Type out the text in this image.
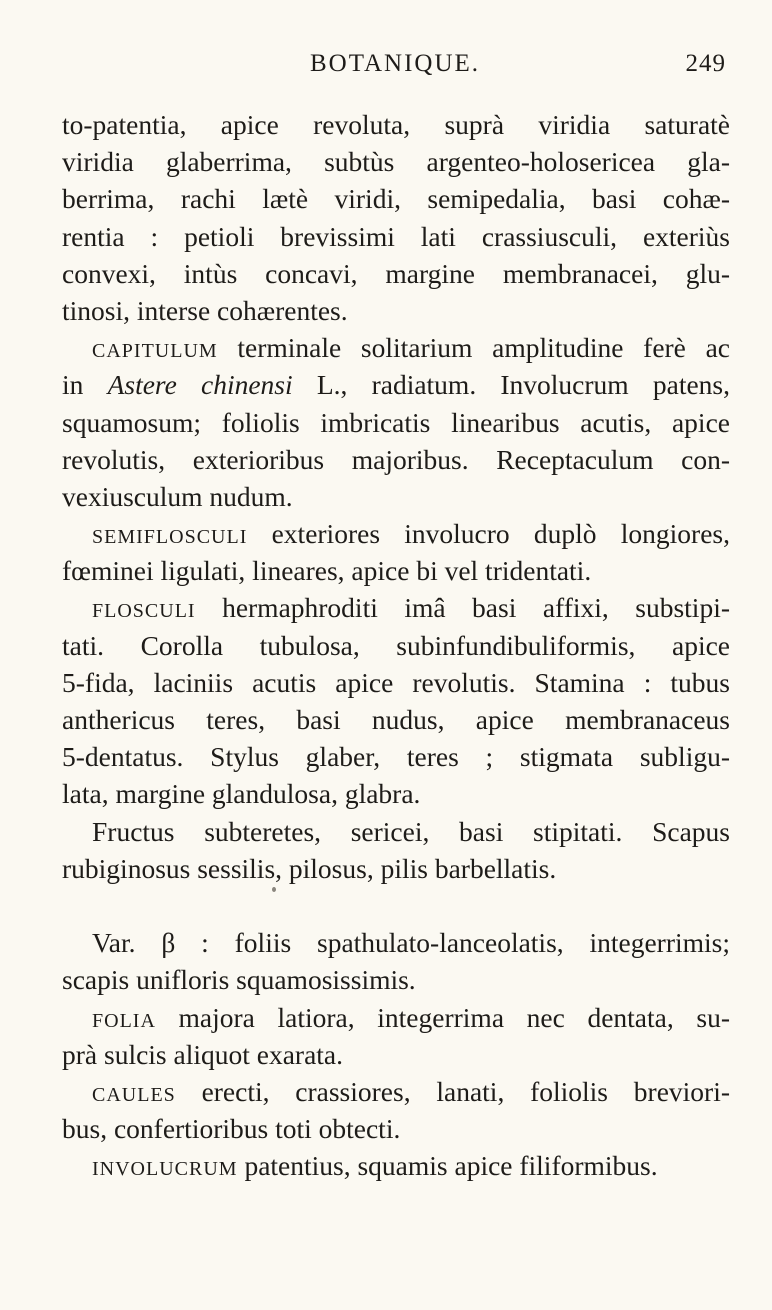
BOTANIQUE.	249
to-patentia, apice revoluta, suprà viridia saturatè
viridia glaberrima, subtùs argenteo-holosericea gla-
berrima, rachi lætè viridi, semipedalia, basi cohæ-
rentia : petioli brevissimi lati crassiusculi, exteriùs
convexi, intùs concavi, margine membranacei, glu-
tinosi, interse cohærentes.
CAPITULUM terminale solitarium amplitudine ferè ac
in Astere chinensi L., radiatum. Involucrum patens,
squamosum; foliolis imbricatis linearibus acutis, apice
revolutis, exterioribus majoribus. Receptaculum con-
vexiusculum nudum.
SEMIFLOSCULI exteriores involucro duplò longiores,
fœminei ligulati, lineares, apice bi vel tridentati.
FLOSCULI hermaphroditi imâ basi affixi, substipi-
tati. Corolla tubulosa, subinfundibuliformis, apice
5-fida, laciniis acutis apice revolutis. Stamina : tubus
anthericus teres, basi nudus, apice membranaceus
5-dentatus. Stylus glaber, teres ; stigmata subligu-
lata, margine glandulosa, glabra.
Fructus subteretes, sericei, basi stipitati. Scapus
rubiginosus sessilis, pilosus, pilis barbellatis.
Var. β : foliis spathulato-lanceolatis, integerrimis;
scapis unifloris squamosissimis.
FOLIA majora latiora, integerrima nec dentata, su-
prà sulcis aliquot exarata.
CAULES erecti, crassiores, lanati, foliolis breviori-
bus, confertioribus toti obtecti.
INVOLUCRUM patentius, squamis apice filiformibus.
